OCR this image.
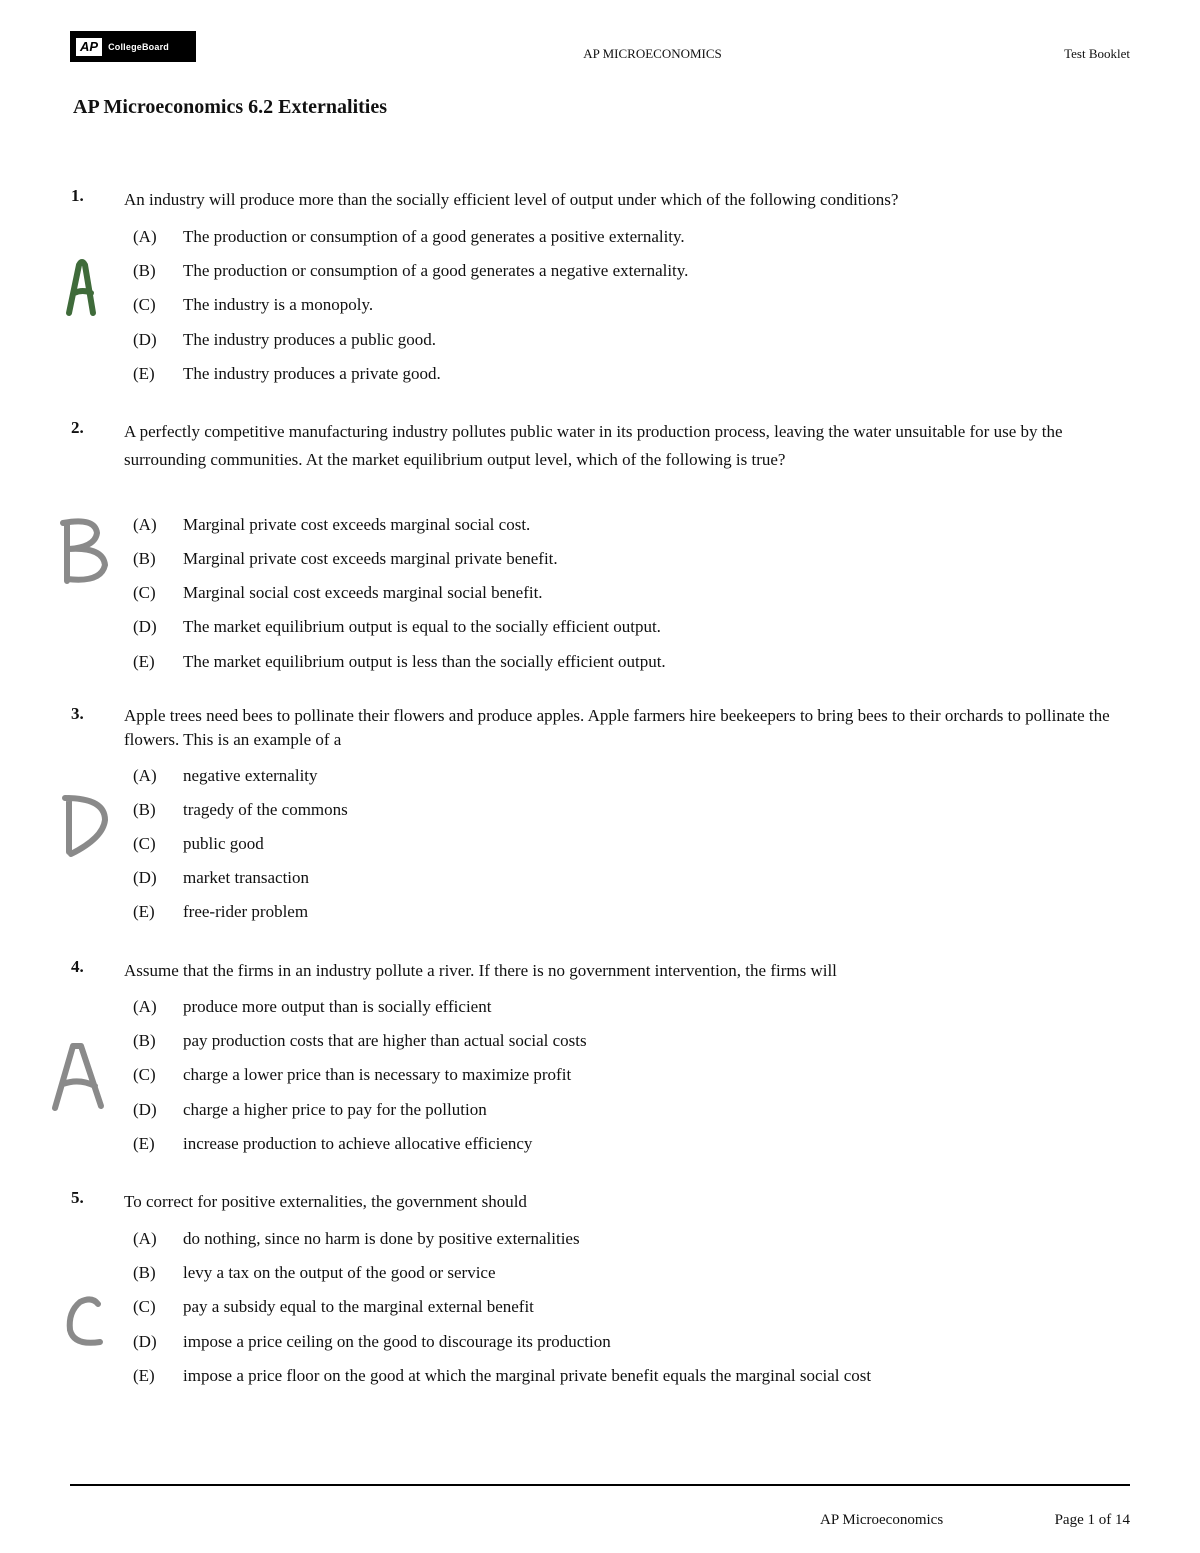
AP	CollegeBoard	AP MICROECONOMICS	Test Booklet
AP Microeconomics 6.2 Externalities
1. An industry will produce more than the socially efficient level of output under which of the following conditions?
(A) The production or consumption of a good generates a positive externality.
(B) The production or consumption of a good generates a negative externality.
(C) The industry is a monopoly.
(D) The industry produces a public good.
(E) The industry produces a private good.
2. A perfectly competitive manufacturing industry pollutes public water in its production process, leaving the water unsuitable for use by the surrounding communities. At the market equilibrium output level, which of the following is true?
(A) Marginal private cost exceeds marginal social cost.
(B) Marginal private cost exceeds marginal private benefit.
(C) Marginal social cost exceeds marginal social benefit.
(D) The market equilibrium output is equal to the socially efficient output.
(E) The market equilibrium output is less than the socially efficient output.
3. Apple trees need bees to pollinate their flowers and produce apples. Apple farmers hire beekeepers to bring bees to their orchards to pollinate the flowers. This is an example of a
(A) negative externality
(B) tragedy of the commons
(C) public good
(D) market transaction
(E) free-rider problem
4. Assume that the firms in an industry pollute a river. If there is no government intervention, the firms will
(A) produce more output than is socially efficient
(B) pay production costs that are higher than actual social costs
(C) charge a lower price than is necessary to maximize profit
(D) charge a higher price to pay for the pollution
(E) increase production to achieve allocative efficiency
5. To correct for positive externalities, the government should
(A) do nothing, since no harm is done by positive externalities
(B) levy a tax on the output of the good or service
(C) pay a subsidy equal to the marginal external benefit
(D) impose a price ceiling on the good to discourage its production
(E) impose a price floor on the good at which the marginal private benefit equals the marginal social cost
AP Microeconomics	Page 1 of 14
